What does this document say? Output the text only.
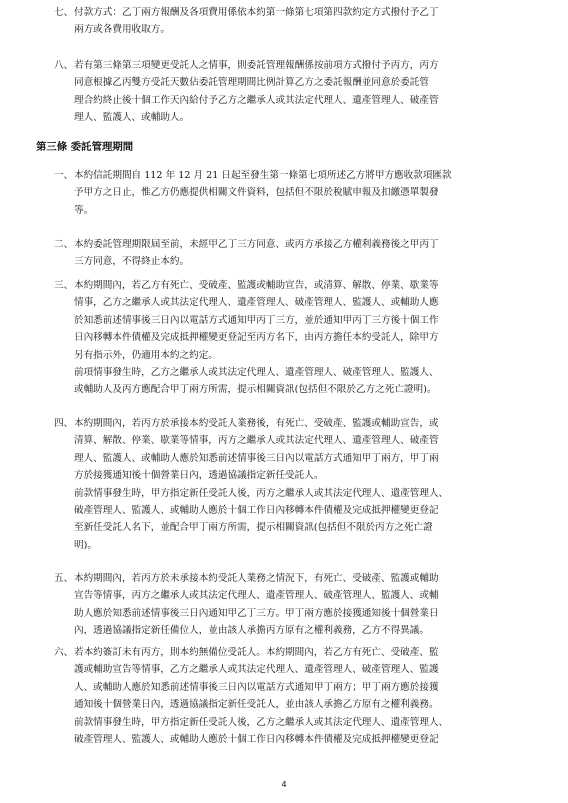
七、 付款方式：乙丁兩方報酬及各項費用係依本約第一條第七項第四款約定方式撥付予乙丁
兩方或各費用收取方。
八、 若有第三條第三項變更受託人之情事，則委託管理報酬係按前項方式撥付予丙方，丙方
同意根據乙丙雙方受託天數佔委託管理期間比例計算乙方之委託報酬並同意於委託管
理合約終止後十個工作天內給付予乙方之繼承人或其法定代理人、遺產管理人、破產管
理人、監護人、或輔助人。
第三條 委託管理期間
一、 本約信託期間自 112 年 12 月 21 日起至發生第一條第七項所述乙方將甲方應收款項匯款
予甲方之日止，惟乙方仍應提供相關文件資料，包括但不限於稅賦申報及扣繳憑單製發
等。
二、 本約委託管理期限屆至前，未經甲乙丁三方同意、或丙方承接乙方權利義務後之甲丙丁
三方同意，不得終止本約。
三、 本約期間內，若乙方有死亡、受破產、監護或輔助宣告，或清算、解散、停業、歇業等
情事，乙方之繼承人或其法定代理人、遺產管理人、破產管理人、監護人、或輔助人應
於知悉前述情事後三日內以電話方式通知甲丙丁三方，並於通知甲丙丁三方後十個工作
日內移轉本件債權及完成抵押權變更登記至丙方名下，由丙方擔任本約受託人，除甲方
另有指示外，仍適用本約之約定。
前項情事發生時，乙方之繼承人或其法定代理人、遺產管理人、破產管理人、監護人、
或輔助人及丙方應配合甲丁兩方所需，提示相關資訊(包括但不限於乙方之死亡證明)。
四、 本約期間內，若丙方於承接本約受託人業務後，有死亡、受破產、監護或輔助宣告，或
清算、解散、停業、歇業等情事，丙方之繼承人或其法定代理人、遺產管理人、破產管
理人、監護人、或輔助人應於知悉前述情事後三日內以電話方式通知甲丁兩方，甲丁兩
方於接獲通知後十個營業日內，透過協議指定新任受託人。
前款情事發生時，甲方指定新任受託人後，丙方之繼承人或其法定代理人、遺產管理人、
破產管理人、監護人、或輔助人應於十個工作日內移轉本件債權及完成抵押權變更登記
至新任受託人名下，並配合甲丁兩方所需，提示相關資訊(包括但不限於丙方之死亡證
明)。
五、 本約期間內，若丙方於未承接本約受託人業務之情況下，有死亡、受破產、監護或輔助
宣告等情事，丙方之繼承人或其法定代理人、遺產管理人、破產管理人、監護人、或輔
助人應於知悉前述情事後三日內通知甲乙丁三方。甲丁兩方應於接獲通知後十個營業日
內，透過協議指定新任備位人，並由該人承擔丙方原有之權利義務，乙方不得異議。
六、 若本約簽訂未有丙方，則本約無備位受託人。本約期間內，若乙方有死亡、受破產、監
護或輔助宣告等情事，乙方之繼承人或其法定代理人、遺產管理人、破產管理人、監護
人、或輔助人應於知悉前述情事後三日內以電話方式通知甲丁兩方；甲丁兩方應於接獲
通知後十個營業日內，透過協議指定新任受託人，並由該人承擔乙方原有之權利義務。
前款情事發生時，甲方指定新任受託人後，乙方之繼承人或其法定代理人、遺產管理人、
破產管理人、監護人、或輔助人應於十個工作日內移轉本件債權及完成抵押權變更登記
4
